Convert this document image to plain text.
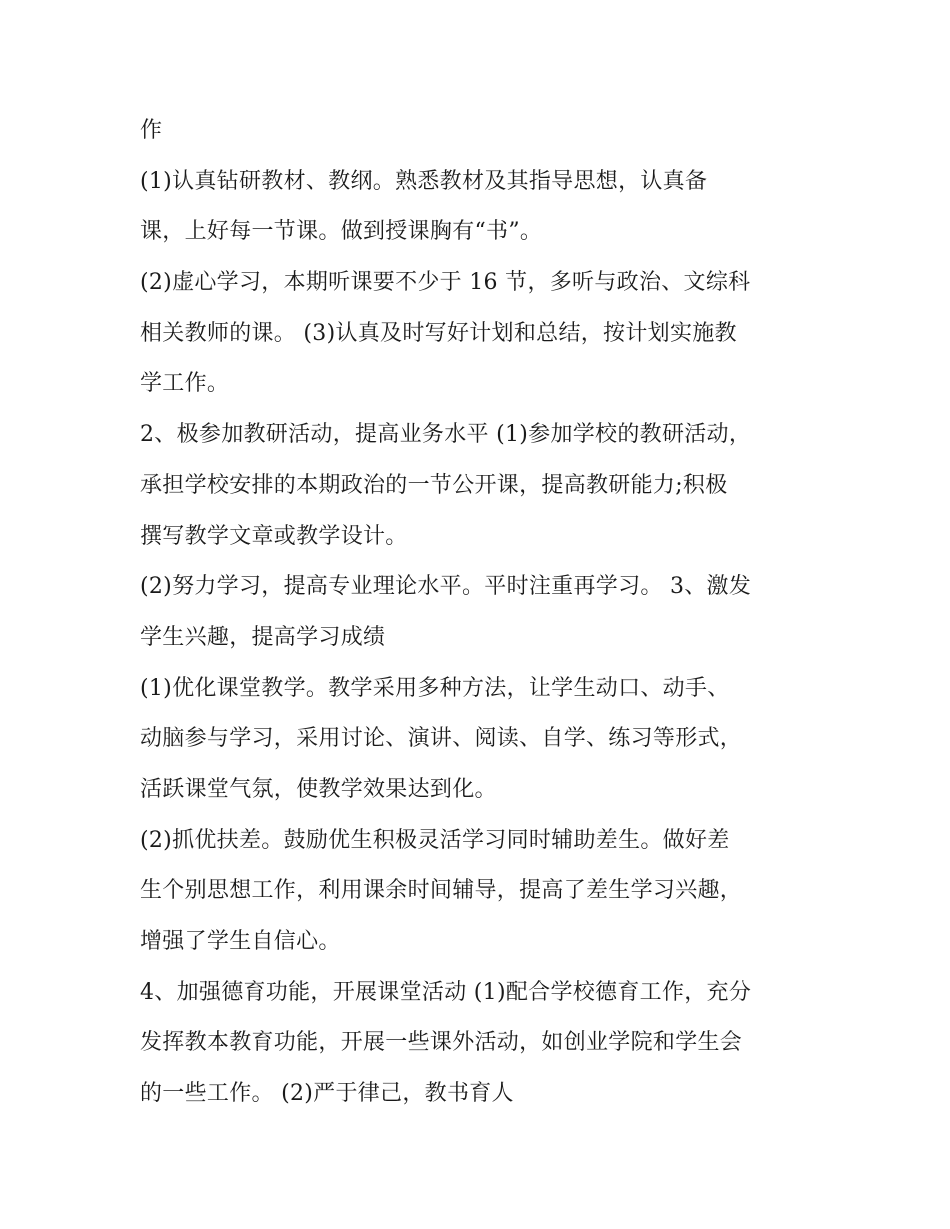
作
(1)认真钻研教材、教纲。熟悉教材及其指导思想，认真备
课，上好每一节课。做到授课胸有“书”。
(2)虚心学习，本期听课要不少于 16 节，多听与政治、文综科
相关教师的课。 (3)认真及时写好计划和总结，按计划实施教
学工作。
2、极参加教研活动，提高业务水平 (1)参加学校的教研活动，
承担学校安排的本期政治的一节公开课，提高教研能力;积极
撰写教学文章或教学设计。
(2)努力学习，提高专业理论水平。平时注重再学习。 3、激发
学生兴趣，提高学习成绩
(1)优化课堂教学。教学采用多种方法，让学生动口、动手、
动脑参与学习，采用讨论、演讲、阅读、自学、练习等形式，
活跃课堂气氛，使教学效果达到化。
(2)抓优扶差。鼓励优生积极灵活学习同时辅助差生。做好差
生个别思想工作，利用课余时间辅导，提高了差生学习兴趣，
增强了学生自信心。
4、加强德育功能，开展课堂活动 (1)配合学校德育工作，充分
发挥教本教育功能，开展一些课外活动，如创业学院和学生会
的一些工作。 (2)严于律己，教书育人
